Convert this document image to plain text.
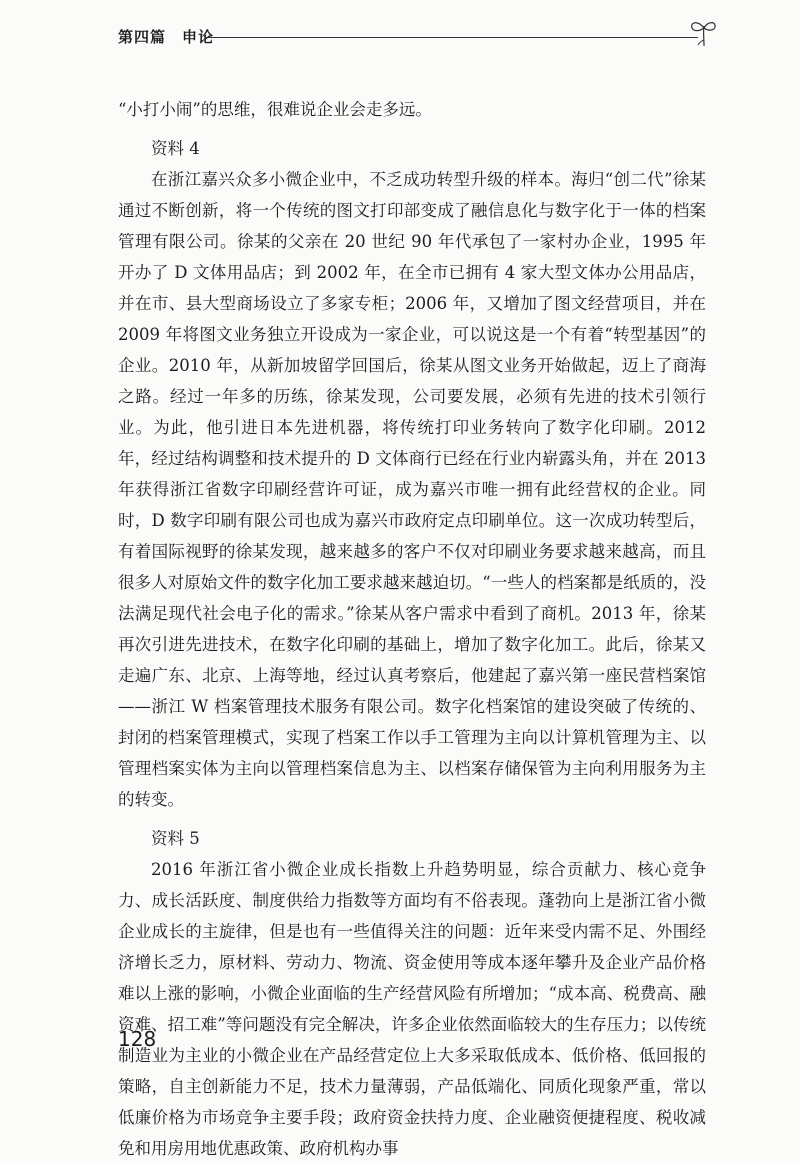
第四篇　申论

“小打小闹”的思维，很难说企业会走多远。

资料 4

在浙江嘉兴众多小微企业中，不乏成功转型升级的样本。海归“创二代”徐某通过不断创新，将一个传统的图文打印部变成了融信息化与数字化于一体的档案管理有限公司。徐某的父亲在 20 世纪 90 年代承包了一家村办企业，1995 年开办了 D 文体用品店；到 2002 年，在全市已拥有 4 家大型文体办公用品店，并在市、县大型商场设立了多家专柜；2006 年，又增加了图文经营项目，并在 2009 年将图文业务独立开设成为一家企业，可以说这是一个有着“转型基因”的企业。2010 年，从新加坡留学回国后，徐某从图文业务开始做起，迈上了商海之路。经过一年多的历练，徐某发现，公司要发展，必须有先进的技术引领行业。为此，他引进日本先进机器，将传统打印业务转向了数字化印刷。2012 年，经过结构调整和技术提升的 D 文体商行已经在行业内崭露头角，并在 2013 年获得浙江省数字印刷经营许可证，成为嘉兴市唯一拥有此经营权的企业。同时，D 数字印刷有限公司也成为嘉兴市政府定点印刷单位。这一次成功转型后，有着国际视野的徐某发现，越来越多的客户不仅对印刷业务要求越来越高，而且很多人对原始文件的数字化加工要求越来越迫切。“一些人的档案都是纸质的，没法满足现代社会电子化的需求。”徐某从客户需求中看到了商机。2013 年，徐某再次引进先进技术，在数字化印刷的基础上，增加了数字化加工。此后，徐某又走遍广东、北京、上海等地，经过认真考察后，他建起了嘉兴第一座民营档案馆——浙江 W 档案管理技术服务有限公司。数字化档案馆的建设突破了传统的、封闭的档案管理模式，实现了档案工作以手工管理为主向以计算机管理为主、以管理档案实体为主向以管理档案信息为主、以档案存储保管为主向利用服务为主的转变。

资料 5

2016 年浙江省小微企业成长指数上升趋势明显，综合贡献力、核心竞争力、成长活跃度、制度供给力指数等方面均有不俗表现。蓬勃向上是浙江省小微企业成长的主旋律，但是也有一些值得关注的问题：近年来受内需不足、外围经济增长乏力，原材料、劳动力、物流、资金使用等成本逐年攀升及企业产品价格难以上涨的影响，小微企业面临的生产经营风险有所增加；“成本高、税费高、融资难、招工难”等问题没有完全解决，许多企业依然面临较大的生存压力；以传统制造业为主业的小微企业在产品经营定位上大多采取低成本、低价格、低回报的策略，自主创新能力不足，技术力量薄弱，产品低端化、同质化现象严重，常以低廉价格为市场竞争主要手段；政府资金扶持力度、企业融资便捷程度、税收减免和用房用地优惠政策、政府机构办事

128
